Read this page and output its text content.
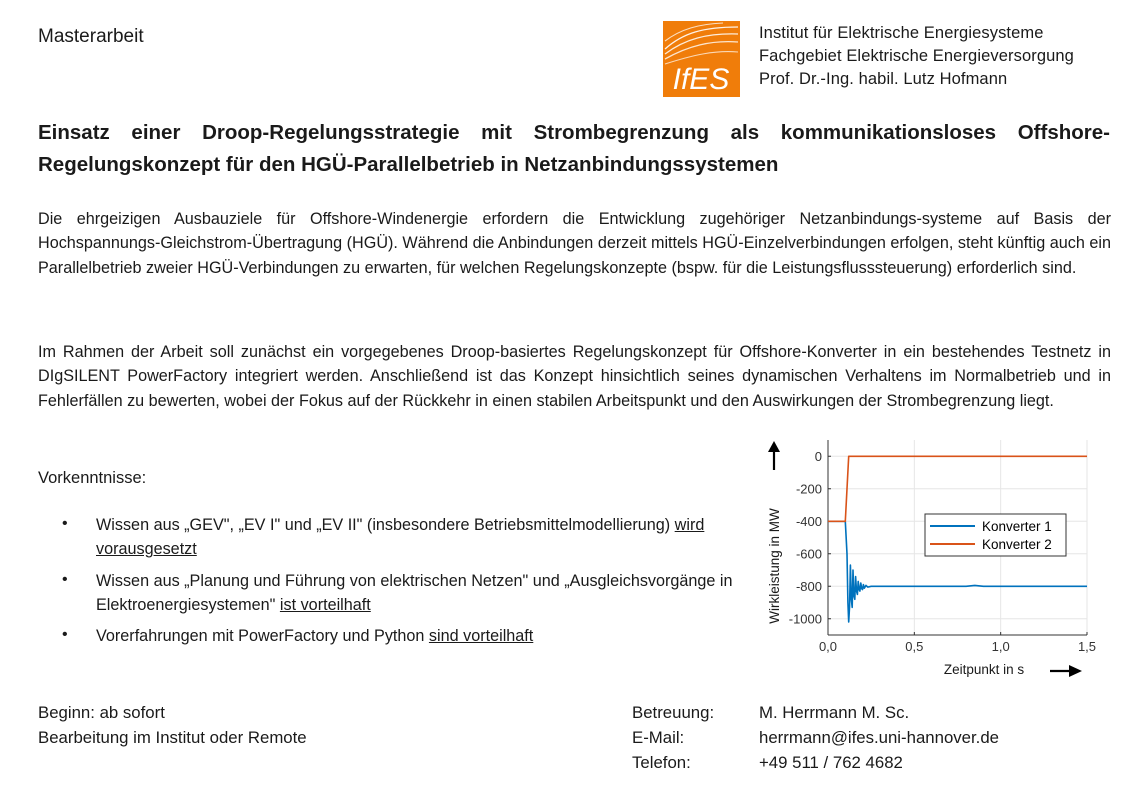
Masterarbeit
IfES
Institut für Elektrische Energiesysteme
Fachgebiet Elektrische Energieversorgung
Prof. Dr.-Ing. habil. Lutz Hofmann
Einsatz einer Droop-Regelungsstrategie mit Strombegrenzung als kommunikationsloses Offshore-Regelungskonzept für den HGÜ-Parallelbetrieb in Netzanbindungssystemen
Die ehrgeizigen Ausbauziele für Offshore-Windenergie erfordern die Entwicklung zugehöriger Netzanbindungs-systeme auf Basis der Hochspannungs-Gleichstrom-Übertragung (HGÜ). Während die Anbindungen derzeit mittels HGÜ-Einzelverbindungen erfolgen, steht künftig auch ein Parallelbetrieb zweier HGÜ-Verbindungen zu erwarten, für welchen Regelungskonzepte (bspw. für die Leistungsflusssteuerung) erforderlich sind.
Im Rahmen der Arbeit soll zunächst ein vorgegebenes Droop-basiertes Regelungskonzept für Offshore-Konverter in ein bestehendes Testnetz in DIgSILENT PowerFactory integriert werden. Anschließend ist das Konzept hinsichtlich seines dynamischen Verhaltens im Normalbetrieb und in Fehlerfällen zu bewerten, wobei der Fokus auf der Rückkehr in einen stabilen Arbeitspunkt und den Auswirkungen der Strombegrenzung liegt.
Vorkenntnisse:
• Wissen aus „GEV", „EV I" und „EV II" (insbesondere Betriebsmittelmodellierung) wird vorausgesetzt
• Wissen aus „Planung und Führung von elektrischen Netzen" und „Ausgleichsvorgänge in Elektroenergiesystemen" ist vorteilhaft
• Vorerfahrungen mit PowerFactory und Python sind vorteilhaft
0,0	0,5	1,0	1,5
0
-200
-400
-600
-800
-1000
Zeitpunkt in s
Wirkleistung in MW	Konverter 1
Konverter 2
Beginn: ab sofort
Bearbeitung im Institut oder Remote
Betreuung:	M. Herrmann M. Sc.
E-Mail:	herrmann@ifes.uni-hannover.de
Telefon:	+49 511 / 762 4682
